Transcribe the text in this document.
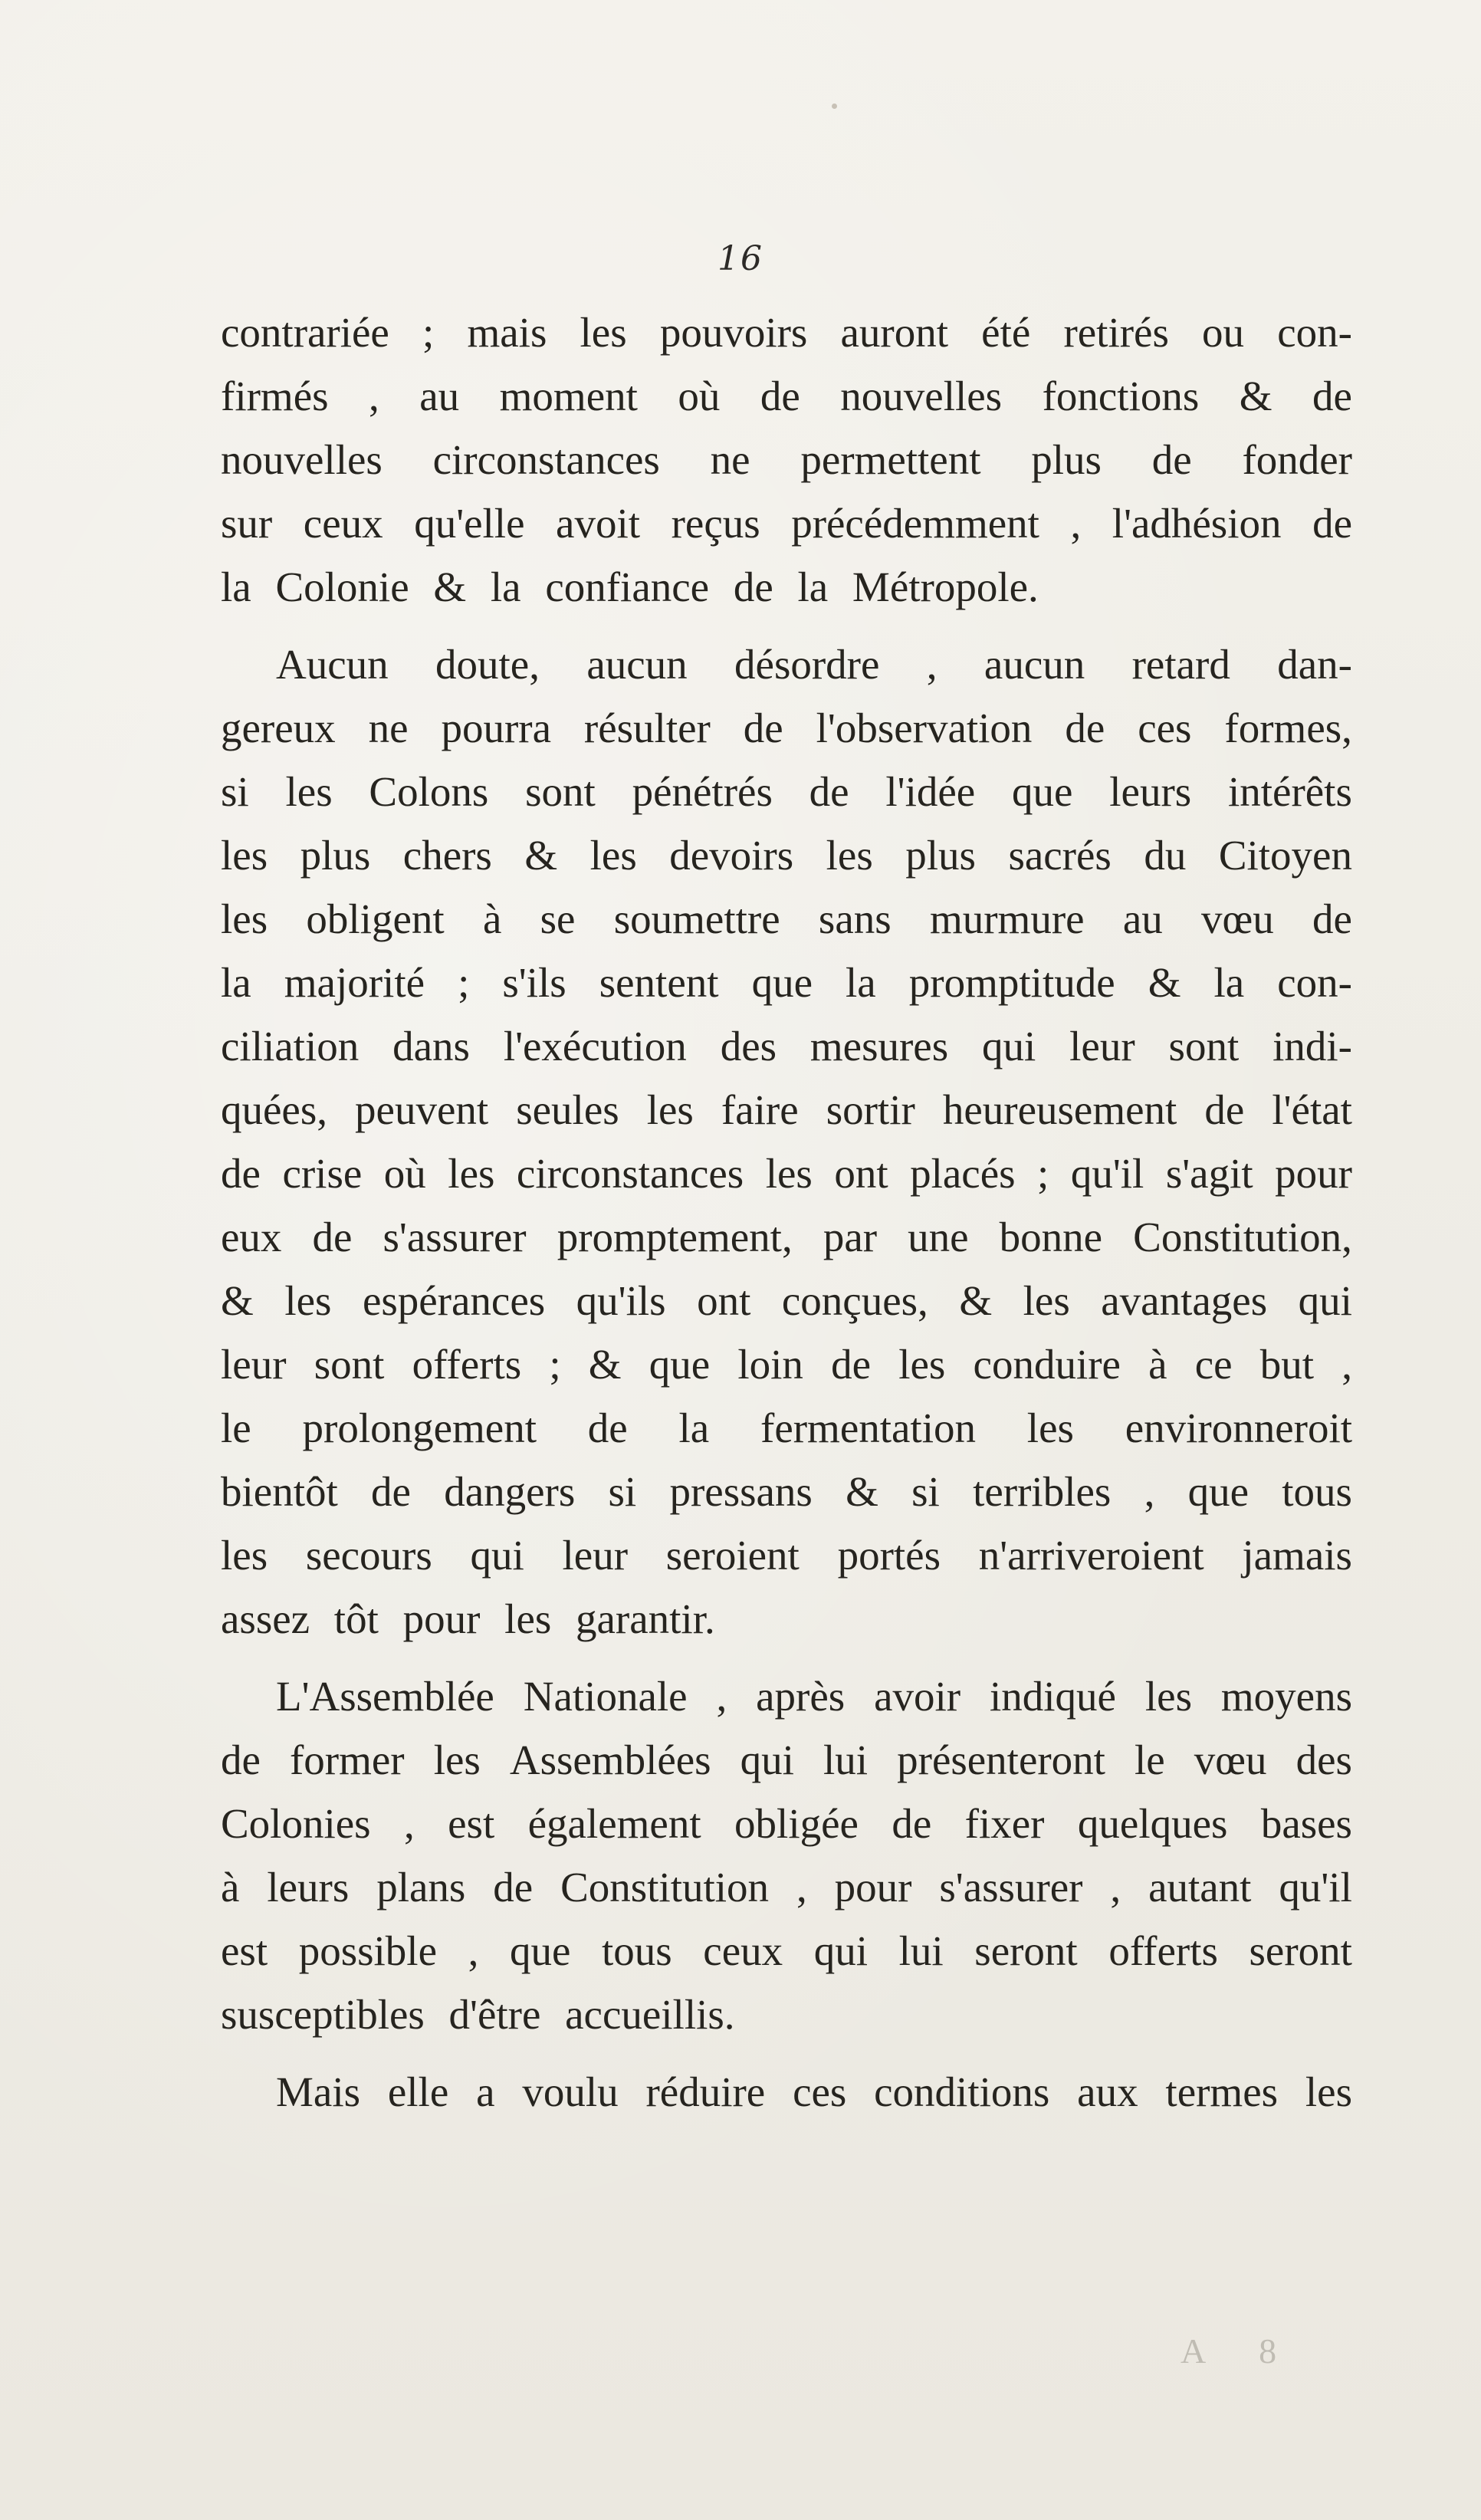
16
contrariée ; mais les pouvoirs auront été retirés ou con-
firmés , au moment où de nouvelles fonctions & de
nouvelles circonstances ne permettent plus de fonder
sur ceux qu'elle avoit reçus précédemment , l'adhésion de
la Colonie & la confiance de la Métropole.
Aucun doute, aucun désordre , aucun retard dan-
gereux ne pourra résulter de l'observation de ces formes,
si les Colons sont pénétrés de l'idée que leurs intérêts
les plus chers & les devoirs les plus sacrés du Citoyen
les obligent à se soumettre sans murmure au vœu de
la majorité ; s'ils sentent que la promptitude & la con-
ciliation dans l'exécution des mesures qui leur sont indi-
quées, peuvent seules les faire sortir heureusement de l'état
de crise où les circonstances les ont placés ; qu'il s'agit pour
eux de s'assurer promptement, par une bonne Constitution,
& les espérances qu'ils ont conçues, & les avantages qui
leur sont offerts ; & que loin de les conduire à ce but ,
le prolongement de la fermentation les environneroit
bientôt de dangers si pressans & si terribles , que tous
les secours qui leur seroient portés n'arriveroient jamais
assez tôt pour les garantir.
L'Assemblée Nationale , après avoir indiqué les moyens
de former les Assemblées qui lui présenteront le vœu des
Colonies , est également obligée de fixer quelques bases
à leurs plans de Constitution , pour s'assurer , autant qu'il
est possible , que tous ceux qui lui seront offerts seront
susceptibles d'être accueillis.
Mais elle a voulu réduire ces conditions aux termes les
A 8
